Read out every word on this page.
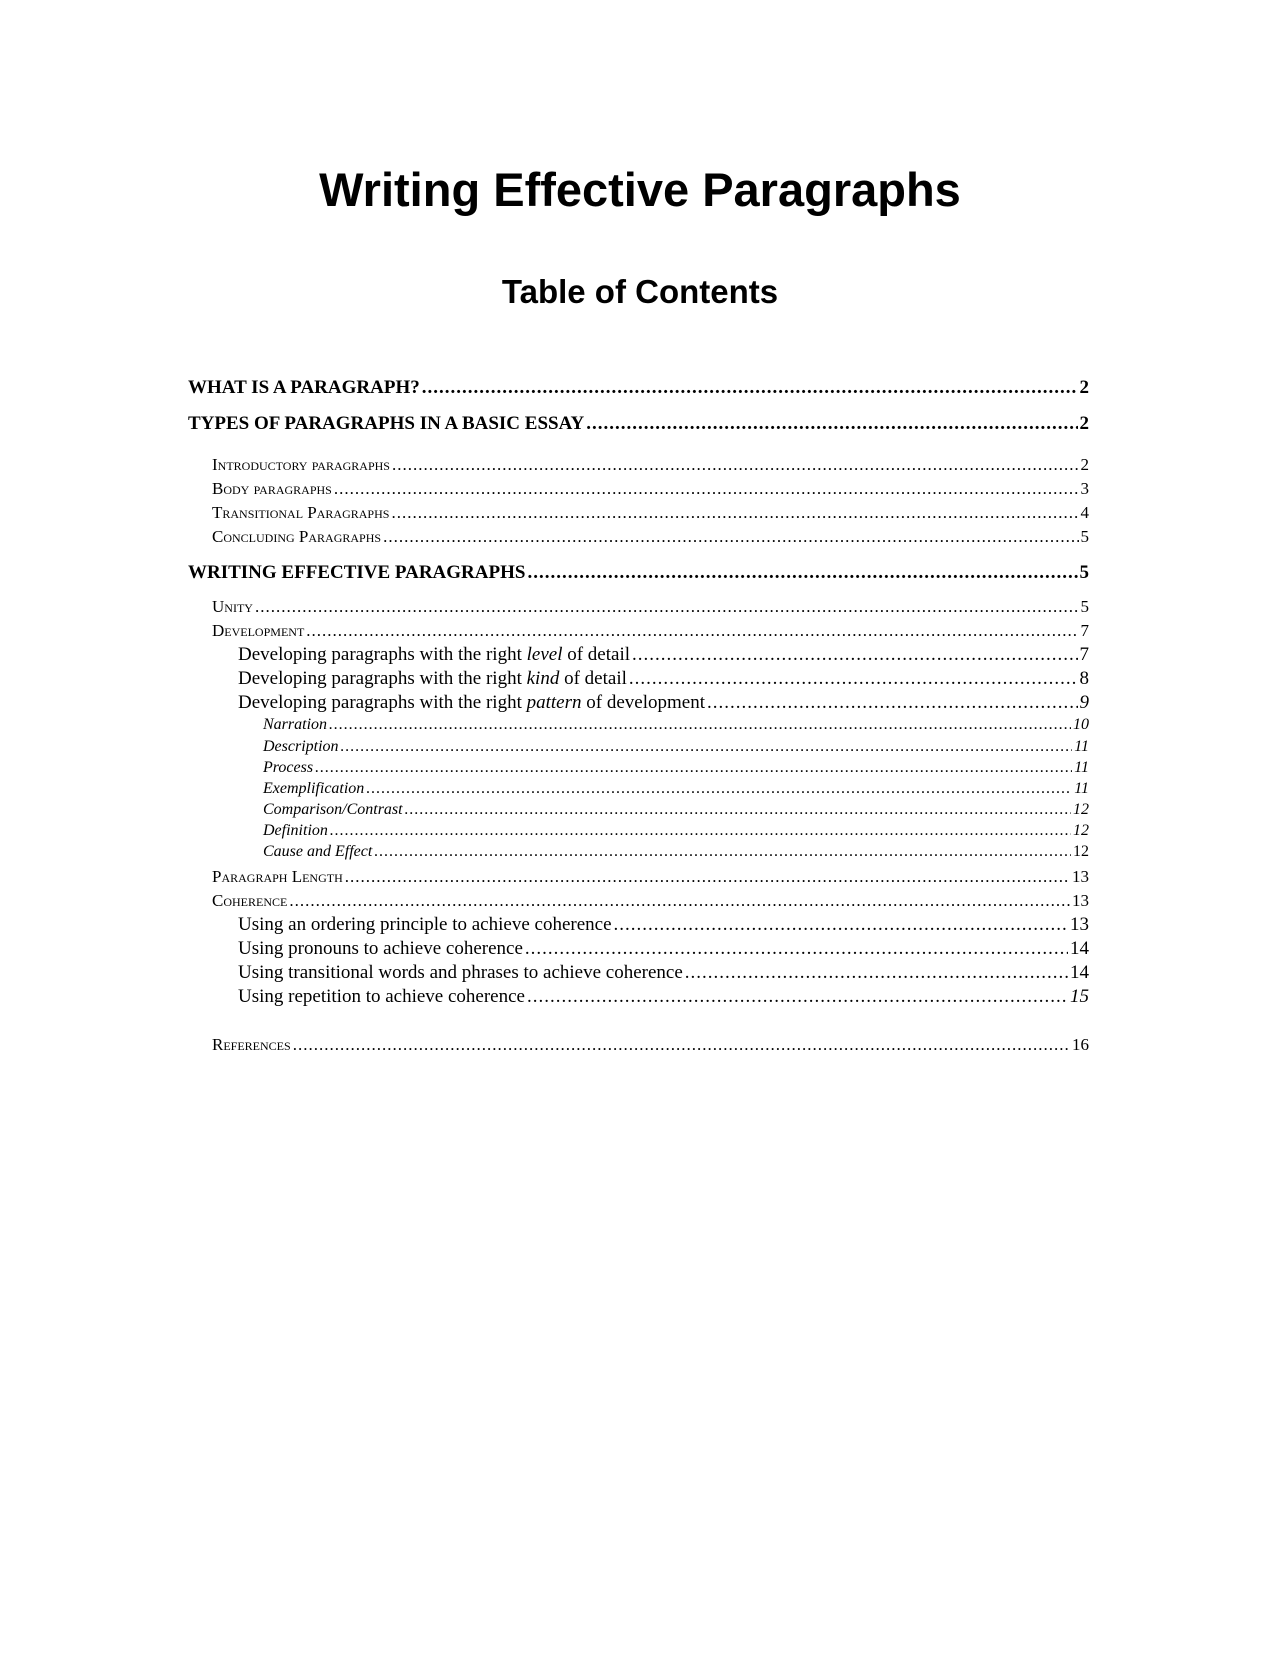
Writing Effective Paragraphs
Table of Contents
WHAT IS A PARAGRAPH? .....	2
TYPES OF PARAGRAPHS IN A BASIC ESSAY .....	2
Introductory paragraphs .....	2
Body paragraphs .....	3
Transitional Paragraphs .....	4
Concluding Paragraphs .....	5
WRITING EFFECTIVE PARAGRAPHS .....	5
Unity .....	5
Development .....	7
Developing paragraphs with the right level of detail .....	7
Developing paragraphs with the right kind of detail .....	8
Developing paragraphs with the right pattern of development .....	9
Narration .....	10
Description .....	11
Process .....	11
Exemplification .....	11
Comparison/Contrast .....	12
Definition .....	12
Cause and Effect .....	12
Paragraph Length .....	13
Coherence .....	13
Using an ordering principle to achieve coherence .....	13
Using pronouns to achieve coherence .....	14
Using transitional words and phrases to achieve coherence .....	14
Using repetition to achieve coherence .....	15
References .....	16
